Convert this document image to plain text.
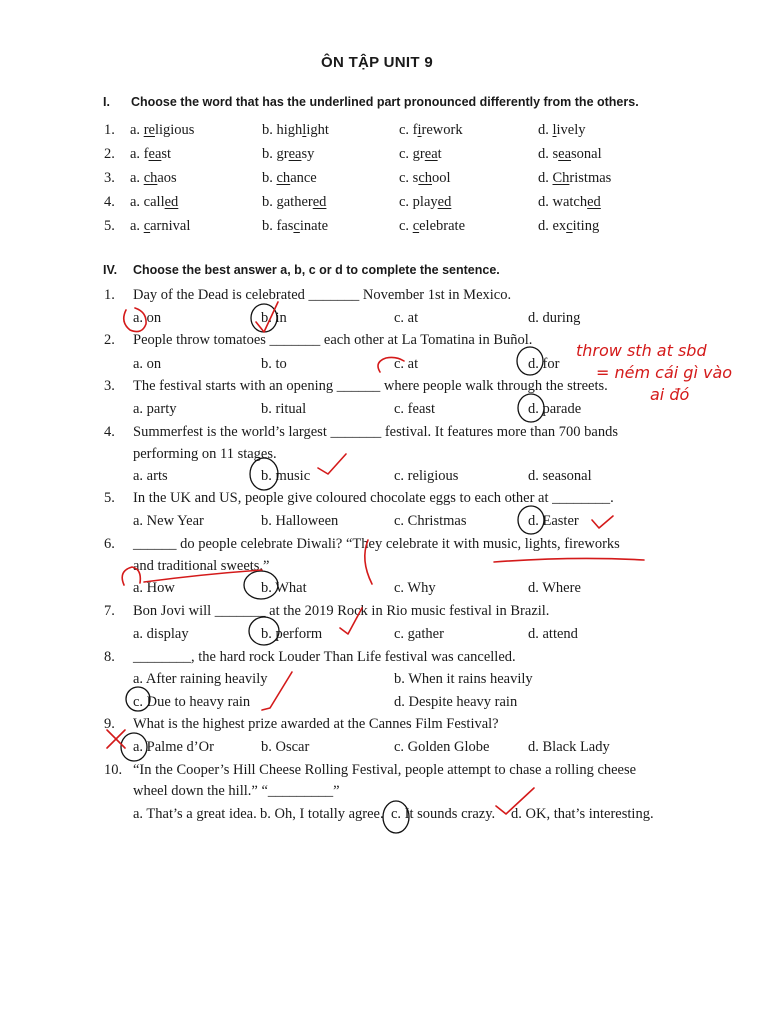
ÔN TẬP UNIT 9
I. Choose the word that has the underlined part pronounced differently from the others.
1. a. religious	b. highlight	c. firework	d. lively
2. a. feast	b. greasy	c. great	d. seasonal
3. a. chaos	b. chance	c. school	d. Christmas
4. a. called	b. gathered	c. played	d. watched
5. a. carnival	b. fascinate	c. celebrate	d. exciting
IV. Choose the best answer a, b, c or d to complete the sentence.
1. Day of the Dead is celebrated _______ November 1st in Mexico.
a. on	b. in	c. at	d. during
2. People throw tomatoes _______ each other at La Tomatina in Buñol.
a. on	b. to	c. at	d. for
3. The festival starts with an opening ______ where people walk through the streets.
a. party	b. ritual	c. feast	d. parade
4. Summerfest is the world’s largest _______ festival. It features more than 700 bands
performing on 11 stages.
a. arts	b. music	c. religious	d. seasonal
5. In the UK and US, people give coloured chocolate eggs to each other at ________.
a. New Year	b. Halloween	c. Christmas	d. Easter
6. ______ do people celebrate Diwali? “They celebrate it with music, lights, fireworks
and traditional sweets.”
a. How	b. What	c. Why	d. Where
7. Bon Jovi will _______ at the 2019 Rock in Rio music festival in Brazil.
a. display	b. perform	c. gather	d. attend
8. ________, the hard rock Louder Than Life festival was cancelled.
a. After raining heavily	b. When it rains heavily
c. Due to heavy rain	d. Despite heavy rain
9. What is the highest prize awarded at the Cannes Film Festival?
a. Palme d’Or	b. Oscar	c. Golden Globe	d. Black Lady
10. “In the Cooper’s Hill Cheese Rolling Festival, people attempt to chase a rolling cheese
wheel down the hill.” “_________”
a. That’s a great idea. b. Oh, I totally agree. c. It sounds crazy. d. OK, that’s interesting.
throw sth at sbd
= ném cái gì vào
ai đó
